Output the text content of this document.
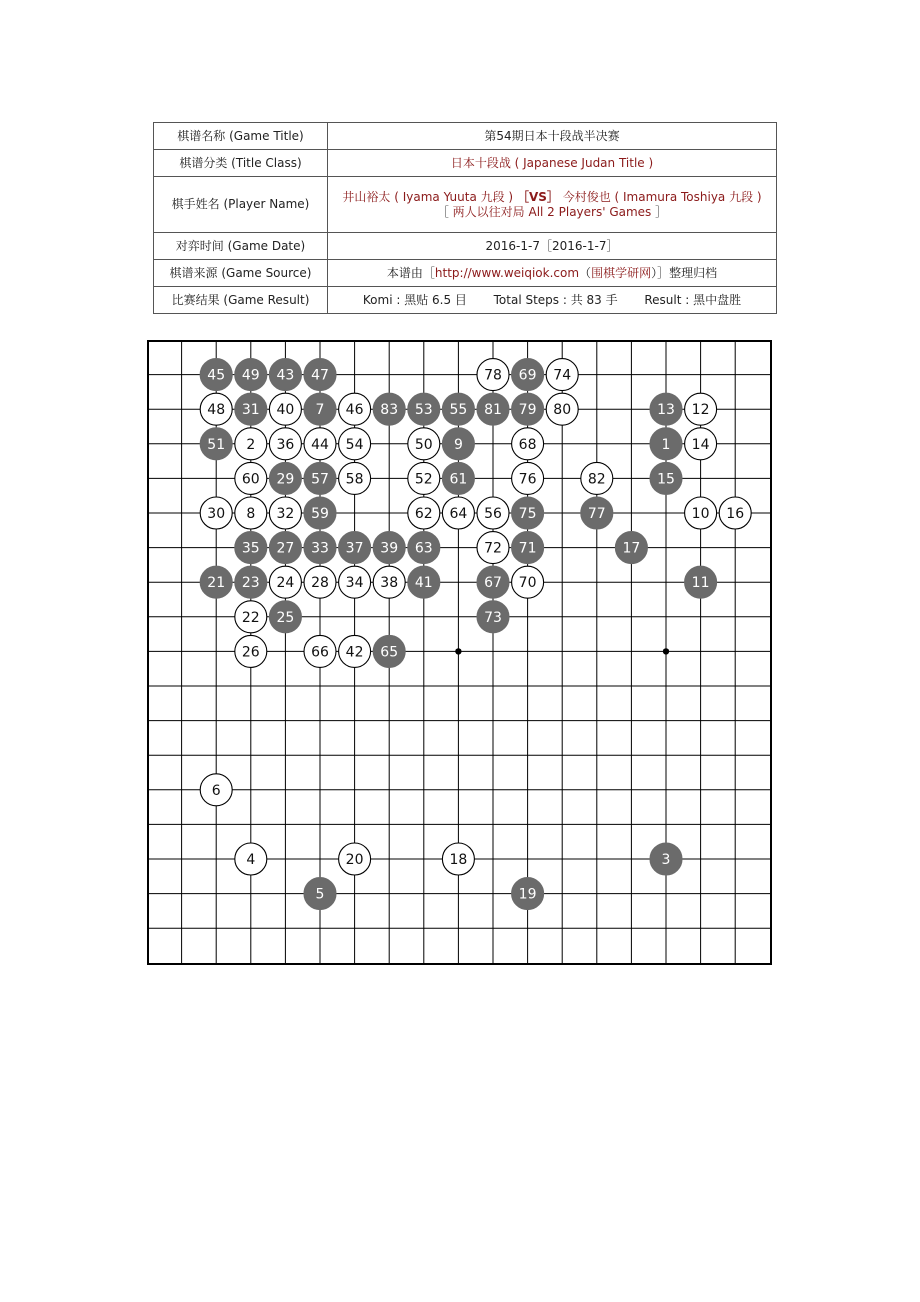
棋谱名称 (Game Title)	第54期日本十段战半决赛
棋谱分类 (Title Class)	日本十段战 ( Japanese Judan Title )
棋手姓名 (Player Name)	井山裕太 ( Iyama Yuuta 九段 ) ［VS］ 今村俊也 ( Imamura Toshiya 九段 )
［ 两人以往对局 All 2 Players' Games ］
对弈时间 (Game Date)	2016-1-7［2016-1-7］
棋谱来源 (Game Source)	本谱由［http://www.weiqiok.com（围棋学研网）］整理归档
比赛结果 (Game Result)	Komi : 黑贴 6.5 目 Total Steps : 共 83 手 Result : 黑中盘胜
45 49 43 47	78 69 74
48 31 40 7 46 83 53 55 81 79 80	13 12
51 2 36 44 54	50 9	68	1 14
60 29 57 58	52 61	76	82	15
30 8 32 59	62 64 56 75	77	10 16
35 27 33 37 39 63	72 71	17
21 23 24 28 34 38 41	67 70	11
22 25	73
26	66 42 65
6
4	20	18	3
5	19
